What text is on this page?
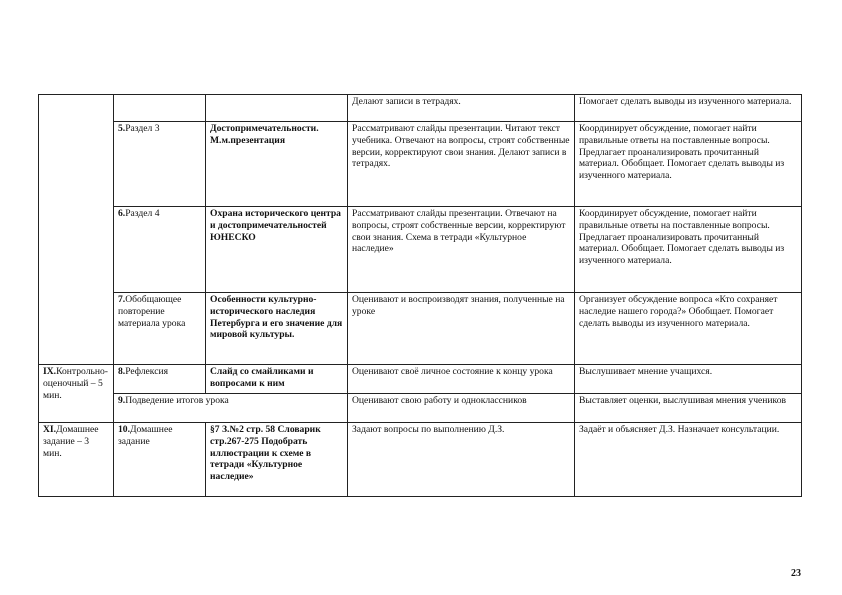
			Делают записи в тетрадях.	Помогает сделать выводы из изученного материала.
	5.Раздел 3	Достопримечательности. М.м.презентация	Рассматривают слайды презентации. Читают текст учебника. Отвечают на вопросы, строят собственные версии, корректируют свои знания. Делают записи в тетрадях.	Координирует обсуждение, помогает найти правильные ответы на поставленные вопросы. Предлагает проанализировать прочитанный материал. Обобщает. Помогает сделать выводы из изученного материала.
	6.Раздел 4	Охрана исторического центра и достопримечательностей ЮНЕСКО	Рассматривают слайды презентации. Отвечают на вопросы, строят собственные версии, корректируют свои знания. Схема в тетради «Культурное наследие»	Координирует обсуждение, помогает найти правильные ответы на поставленные вопросы. Предлагает проанализировать прочитанный материал. Обобщает. Помогает сделать выводы из изученного материала.
	7.Обобщающее повторение материала урока	Особенности культурно-исторического наследия Петербурга и его значение для мировой культуры.	Оценивают и воспроизводят знания, полученные на уроке	Организует обсуждение вопроса «Кто сохраняет наследие нашего города?» Обобщает. Помогает сделать выводы из изученного материала.
IX.Контрольно-оценочный – 5 мин.	8.Рефлексия	Слайд со смайликами и вопросами к ним	Оценивают своё личное состояние к концу урока	Выслушивает мнение учащихся.
	9.Подведение итогов урока		Оценивают свою работу и одноклассников	Выставляет оценки, выслушивая мнения учеников
XI.Домашнее задание – 3 мин.	10.Домашнее задание	§7 З.№2 стр. 58 Словарик стр.267-275 Подобрать иллюстрации к схеме в тетради «Культурное наследие»	Задают вопросы по выполнению Д.З.	Задаёт и объясняет Д.З. Назначает консультации.
23
